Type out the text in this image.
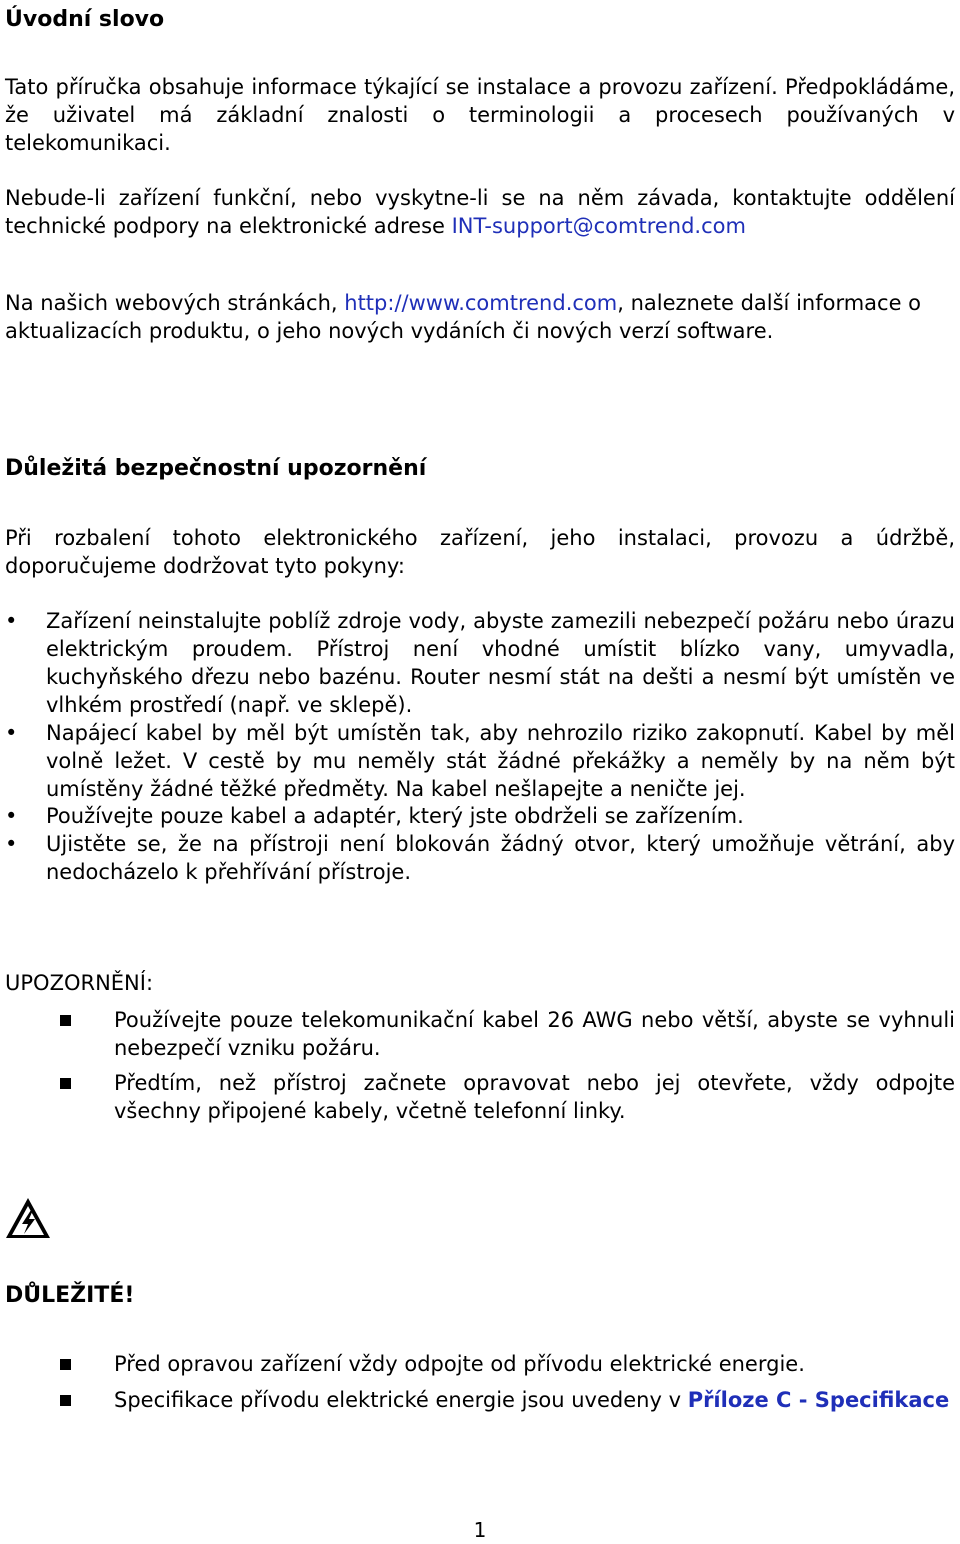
Úvodní slovo
Tato příručka obsahuje informace týkající se instalace a provozu zařízení. Předpokládáme, že uživatel má základní znalosti o terminologii a procesech používaných v telekomunikaci.
Nebude-li zařízení funkční, nebo vyskytne-li se na něm závada, kontaktujte oddělení technické podpory na elektronické adrese INT-support@comtrend.com
Na našich webových stránkách, http://www.comtrend.com, naleznete další informace o aktualizacích produktu, o jeho nových vydáních či nových verzí software.
Důležitá bezpečnostní upozornění
Při rozbalení tohoto elektronického zařízení, jeho instalaci, provozu a údržbě, doporučujeme dodržovat tyto pokyny:
•	Zařízení neinstalujte poblíž zdroje vody, abyste zamezili nebezpečí požáru nebo úrazu elektrickým proudem. Přístroj není vhodné umístit blízko vany, umyvadla, kuchyňského dřezu nebo bazénu. Router nesmí stát na dešti a nesmí být umístěn ve vlhkém prostředí (např. ve sklepě).
•	Napájecí kabel by měl být umístěn tak, aby nehrozilo riziko zakopnutí. Kabel by měl volně ležet. V cestě by mu neměly stát žádné překážky a neměly by na něm být umístěny žádné těžké předměty. Na kabel nešlapejte a neničte jej.
•	Používejte pouze kabel a adaptér, který jste obdrželi se zařízením.
•	Ujistěte se, že na přístroji není blokován žádný otvor, který umožňuje větrání, aby nedocházelo k přehřívání přístroje.
UPOZORNĚNÍ:
Používejte pouze telekomunikační kabel 26 AWG nebo větší, abyste se vyhnuli nebezpečí vzniku požáru.
Předtím, než přístroj začnete opravovat nebo jej otevřete, vždy odpojte všechny připojené kabely, včetně telefonní linky.
DŮLEŽITÉ!
Před opravou zařízení vždy odpojte od přívodu elektrické energie.
Specifikace přívodu elektrické energie jsou uvedeny v Příloze C - Specifikace
1
